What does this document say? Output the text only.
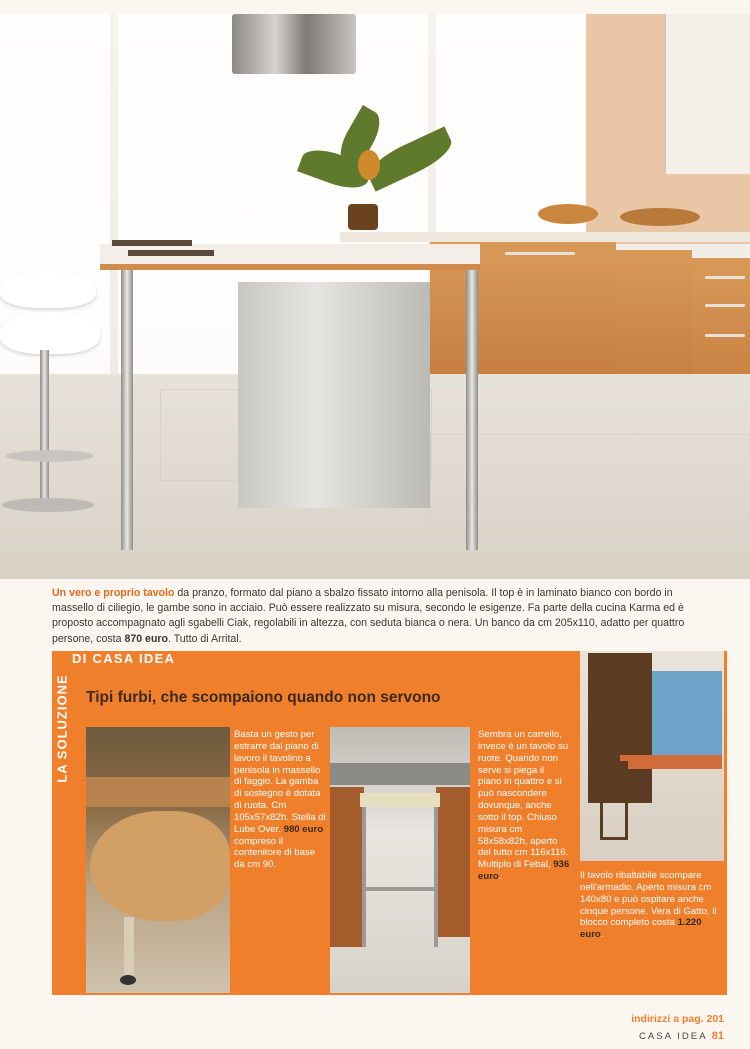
Un vero e proprio tavolo da pranzo, formato dal piano a sbalzo fissato intorno alla penisola. Il top è in laminato bianco con bordo in massello di ciliegio, le gambe sono in acciaio. Può essere realizzato su misura, secondo le esigenze. Fa parte della cucina Karma ed è proposto accompagnato agli sgabelli Ciak, regolabili in altezza, con seduta bianca o nera. Un banco da cm 205x110, adatto per quattro persone, costa 870 euro. Tutto di Arrital.
LA SOLUZIONE
DI CASA IDEA
Tipi furbi, che scompaiono quando non servono
Basta un gesto per estrarre dal piano di lavoro il tavolino a penisola in massello di faggio. La gamba di sostegno è dotata di ruota. Cm 105x57x82h. Stella di Lube Over. 980 euro compreso il contenitore di base da cm 90.
Sembra un carrello, invece è un tavolo su ruote. Quando non serve si piega il piano in quattro e si può nascondere dovunque, anche sotto il top. Chiuso misura cm 58x58x82h, aperto del tutto cm 116x116. Multiplo di Febal, 936 euro.	Il tavolo ribaltabile scompare nell'armadio. Aperto misura cm 140x80 e può ospitare anche cinque persone. Vera di Gatto, il blocco completo costa 1.220 euro.
indirizzi a pag. 201
CASA IDEA 81
